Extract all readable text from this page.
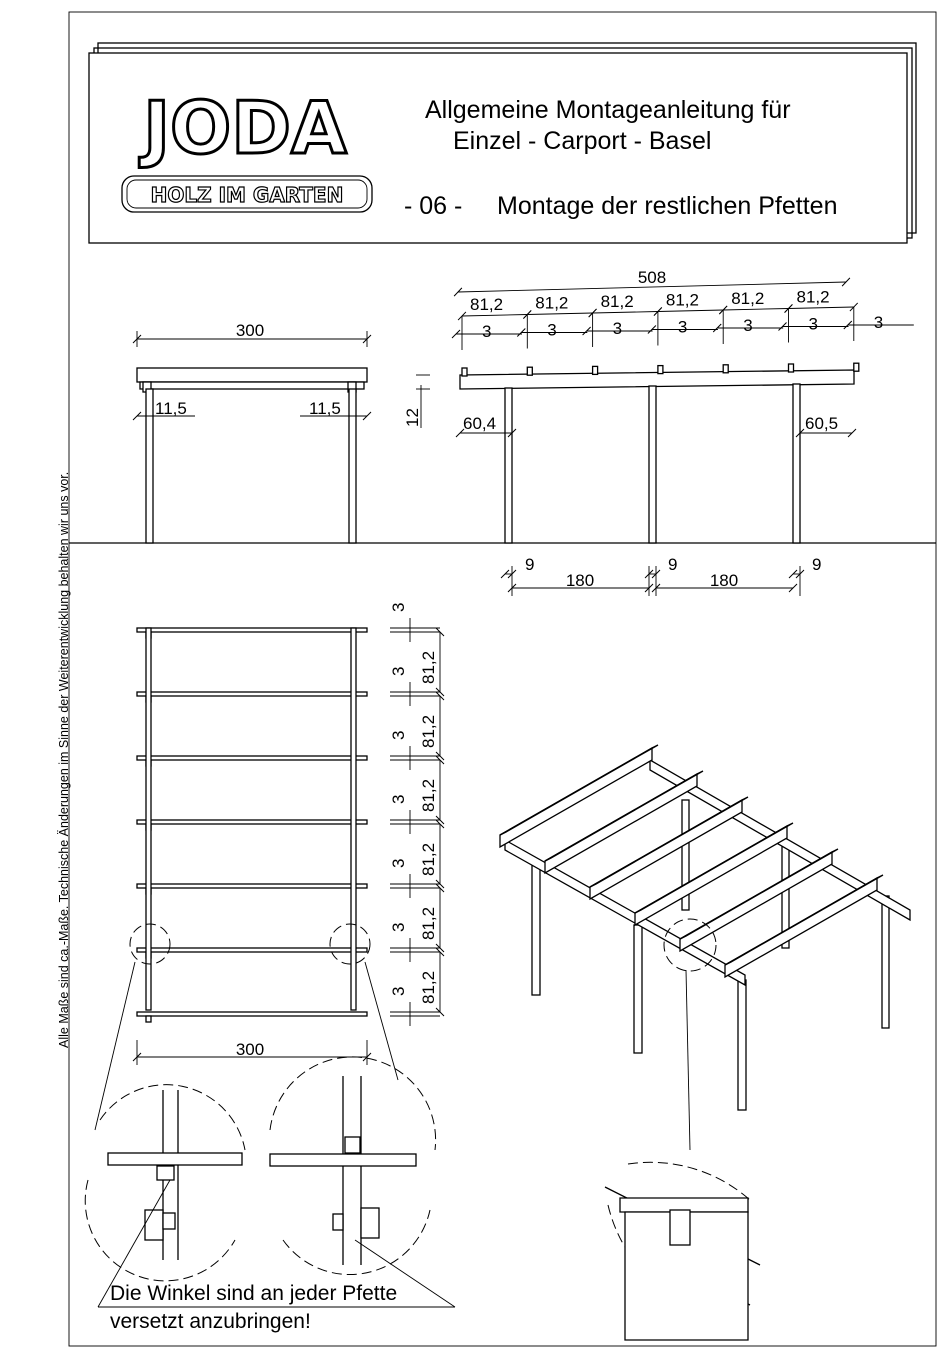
JODA
HOLZ IM GARTEN
Allgemeine Montageanleitung für
Einzel - Carport - Basel
- 06 - Montage der restlichen Pfetten
Alle Maße sind ca.-Maße. Technische Änderungen im Sinne der Weiterentwicklung behalten wir uns vor.
300
11,5	11,5
508
81,2 81,2 81,2 81,2 81,2 81,2
3	3	3	3	3	3	3
12 60,4	60,5
9	9	9
180	180
3
81,2
3
81,2
3
81,2
3
81,2
3
81,2
3
81,2
3
300
Die Winkel sind an jeder Pfette
versetzt anzubringen!
